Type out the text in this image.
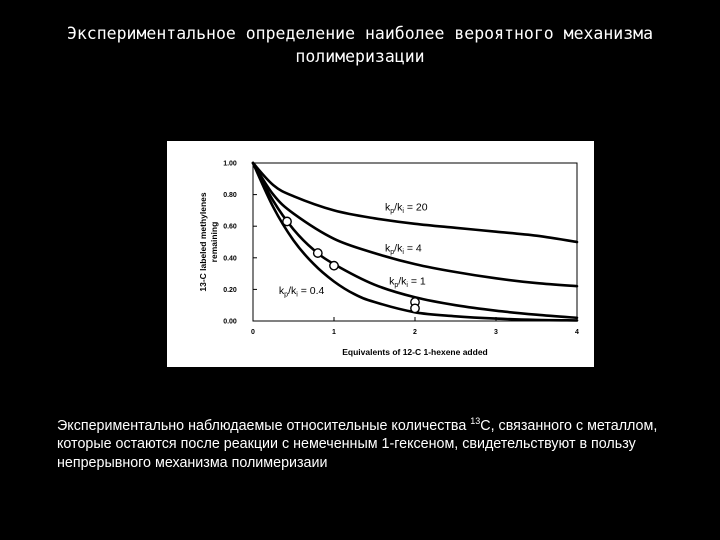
Экспериментальное определение наиболее вероятного механизма
полимеризации
0.00
0.20
0.40
0.60
0.80
1.00
0	1	2	3	4
Equivalents of 12-C 1-hexene added
13-C labeled methylenes remaining
$k_p/k_i = 20$
$k_p/k_i = 4$
$k_p/k_i = 1$
$k_p/k_i = 0.4$
Экспериментально наблюдаемые относительные количества $^{13}$С, связанного с металлом, которые остаются после реакции с немеченным 1-гексеном, свидетельствуют в пользу непрерывного механизма полимеризаии
